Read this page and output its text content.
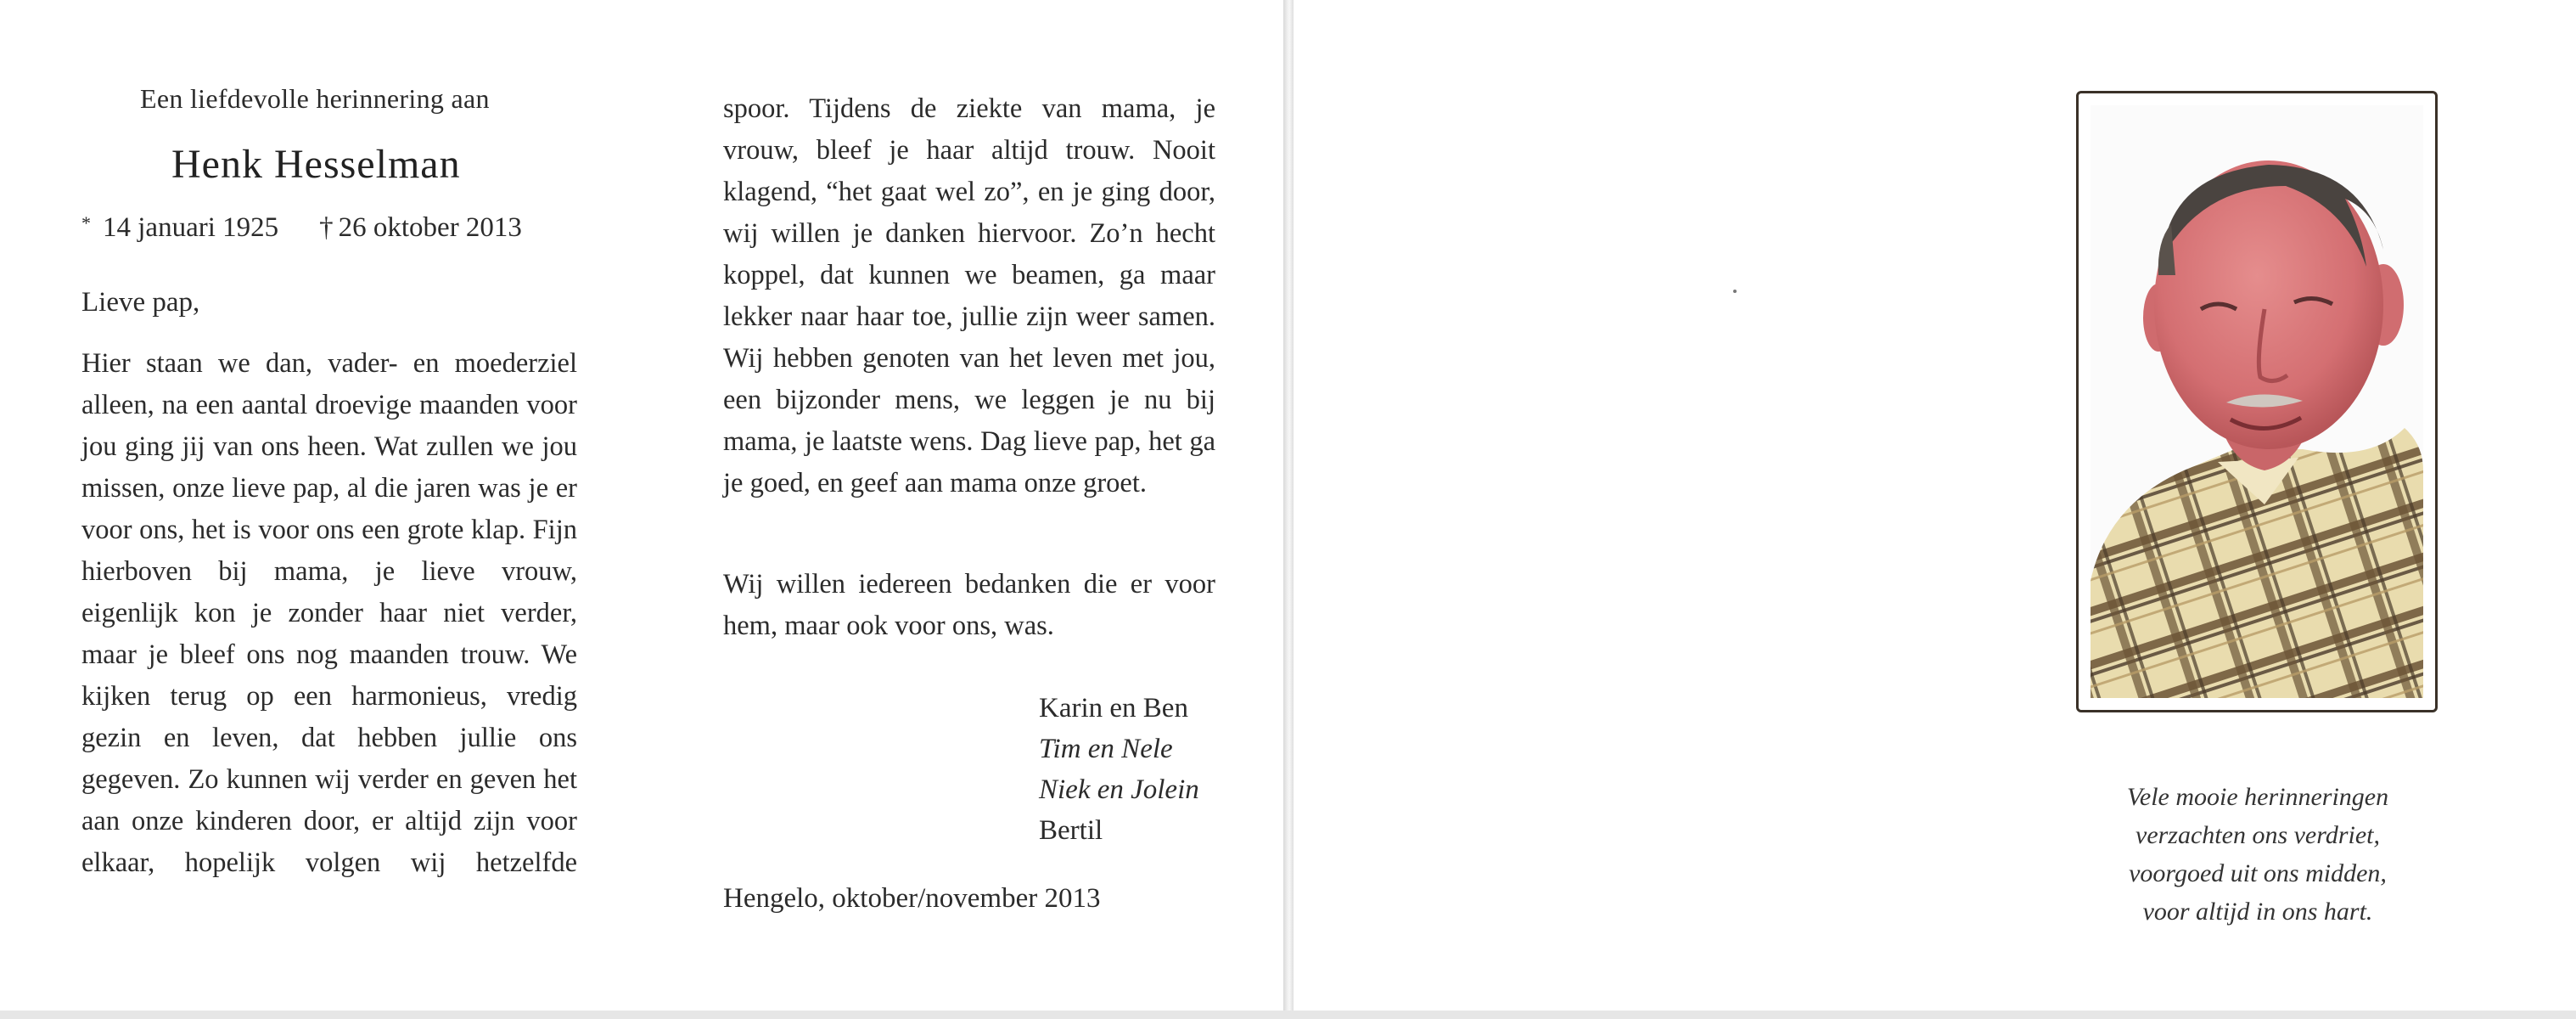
Een liefdevolle herinnering aan
Henk Hesselman
* 14 januari 1925 † 26 oktober 2013
Lieve pap,
Hier staan we dan, vader- en moederziel alleen, na een aantal droevige maanden voor jou ging jij van ons heen. Wat zullen we jou missen, onze lieve pap, al die jaren was je er voor ons, het is voor ons een grote klap. Fijn hierboven bij mama, je lieve vrouw, eigenlijk kon je zonder haar niet verder, maar je bleef ons nog maanden trouw. We kijken terug op een harmonieus, vredig gezin en leven, dat hebben jullie ons gegeven. Zo kunnen wij verder en geven het aan onze kinderen door, er altijd zijn voor elkaar, hopelijk volgen wij hetzelfde
spoor. Tijdens de ziekte van mama, je vrouw, bleef je haar altijd trouw. Nooit klagend, “het gaat wel zo”, en je ging door, wij willen je danken hiervoor. Zo’n hecht koppel, dat kunnen we beamen, ga maar lekker naar haar toe, jullie zijn weer samen. Wij hebben genoten van het leven met jou, een bijzonder mens, we leggen je nu bij mama, je laatste wens. Dag lieve pap, het ga je goed, en geef aan mama onze groet.
Wij willen iedereen bedanken die er voor hem, maar ook voor ons, was.
Karin en Ben
Tim en Nele
Niek en Jolein
Bertil
Hengelo, oktober/november 2013
Vele mooie herinneringen
verzachten ons verdriet,
voorgoed uit ons midden,
voor altijd in ons hart.
